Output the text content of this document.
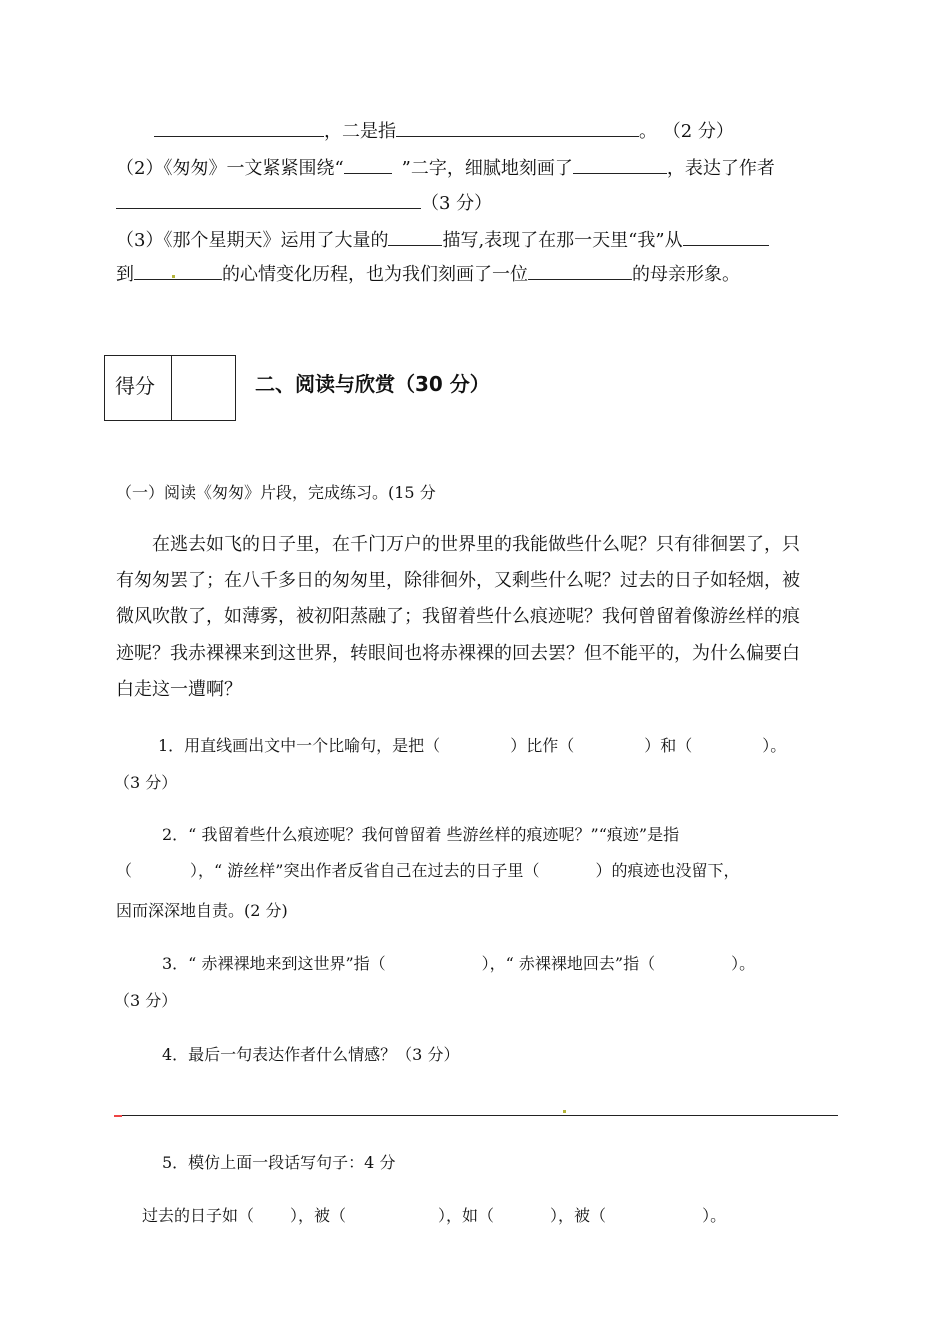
，二是指	。 （2 分）
（2）《匆匆》一文紧紧围绕“	”二字，细腻地刻画了	，表达了作者
（3 分）
（3）《那个星期天》运用了大量的	描写,表现了在那一天里“我”从
到	的心情变化历程，也为我们刻画了一位	的母亲形象。
得分	二、阅读与欣赏（30 分）
（一）阅读《匆匆》片段，完成练习。(15 分
在逃去如飞的日子里，在千门万户的世界里的我能做些什么呢？只有徘徊罢了，只
有匆匆罢了；在八千多日的匆匆里，除徘徊外，又剩些什么呢？过去的日子如轻烟，被
微风吹散了，如薄雾，被初阳蒸融了；我留着些什么痕迹呢？我何曾留着像游丝样的痕
迹呢？我赤裸裸来到这世界，转眼间也将赤裸裸的回去罢？但不能平的，为什么偏要白
白走这一遭啊？
1．用直线画出文中一个比喻句，是把（	）比作（	）和（	）。
（3 分）
2．“ 我留着些什么痕迹呢？我何曾留着 些游丝样的痕迹呢？”“痕迹”是指
（	），“ 游丝样”突出作者反省自己在过去的日子里（	）的痕迹也没留下，
因而深深地自责。(2 分)
3．“ 赤裸裸地来到这世界”指（	），“ 赤裸裸地回去”指（	）。
（3 分）
4．最后一句表达作者什么情感？（3 分）
5．模仿上面一段话写句子：4 分
过去的日子如（ ），被（	），如（	），被（	）。
